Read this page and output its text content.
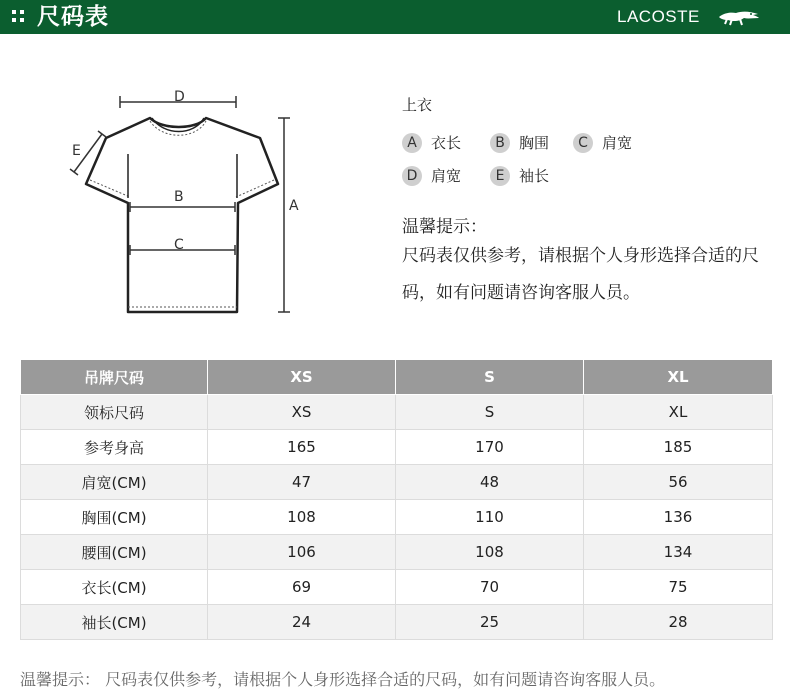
尺码表	LACOSTE
D
E
B
C
A
上衣
A 衣长	B 胸围	C 肩宽
D 肩宽	E 袖长
温馨提示：
尺码表仅供参考，请根据个人身形选择合适的尺码，如有问题请咨询客服人员。
吊牌尺码	XS	S	XL
领标尺码	XS	S	XL
参考身高	165	170	185
肩宽(CM)	47	48	56
胸围(CM)	108	110	136
腰围(CM)	106	108	134
衣长(CM)	69	70	75
袖长(CM)	24	25	28
温馨提示： 尺码表仅供参考，请根据个人身形选择合适的尺码，如有问题请咨询客服人员。
